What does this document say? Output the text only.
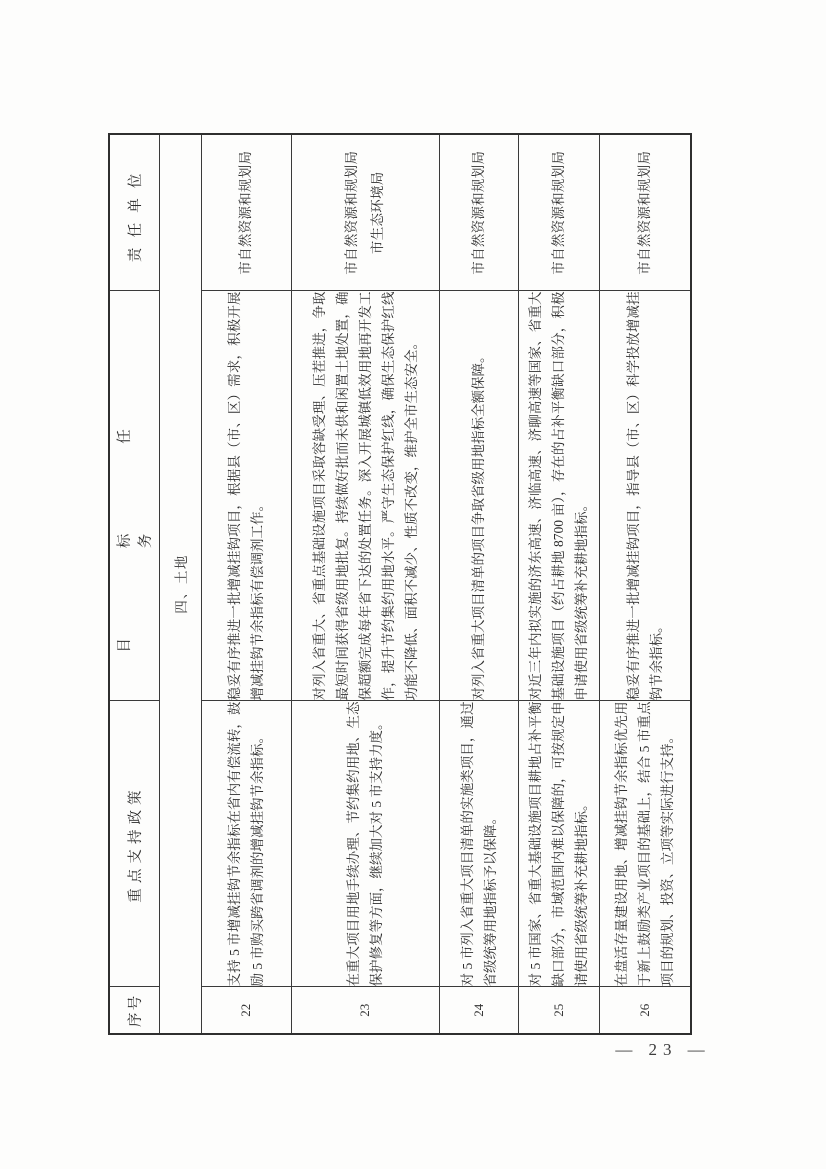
序号	重点支持政策	目标任务	责任单位
四、土地			
22	支持 5 市增减挂钩节余指标在省内有偿流转，鼓励 5 市购买跨省调剂的增减挂钩节余指标。	稳妥有序推进一批增减挂钩项目，根据县（市、区）需求，积极开展增减挂钩节余指标有偿调剂工作。	市自然资源和规划局

23	在重大项目用地手续办理、节约集约用地、生态保护修复等方面，继续加大对 5 市支持力度。	对列入省重大、省重点基础设施项目采取容缺受理、压茬推进，争取最短时间获得省级用地批复。持续做好批而未供和闲置土地处置，确保超额完成每年省下达的处置任务。深入开展城镇低效用地再开发工作，提升节约集约用地水平。严守生态保护红线，确保生态保护红线功能不降低、面积不减少、性质不改变，维护全市生态安全。	市自然资源和规划局 市生态环境局

24	对 5 市列入省重大项目清单的实施类项目，通过省级统筹用地指标予以保障。	对列入省重大项目清单的项目争取省级用地指标全额保障。	市自然资源和规划局

25	对 5 市国家、省重大基础设施项目耕地占补平衡缺口部分，市域范围内难以保障的，可按规定申请使用省级统筹补充耕地指标。	对近三年内拟实施的济东高速、济临高速、济聊高速等国家、省重大基础设施项目（约占耕地 8700 亩），存在的占补平衡缺口部分，积极申请使用省级统筹补充耕地指标。	市自然资源和规划局

26	在盘活存量建设用地、增减挂钩节余指标优先用于新上鼓励类产业项目的基础上，结合 5 市重点项目的规划、投资、立项等实际进行支持。	稳妥有序推进一批增减挂钩项目，指导县（市、区）科学投放增减挂钩节余指标。	市自然资源和规划局
— 23 —
